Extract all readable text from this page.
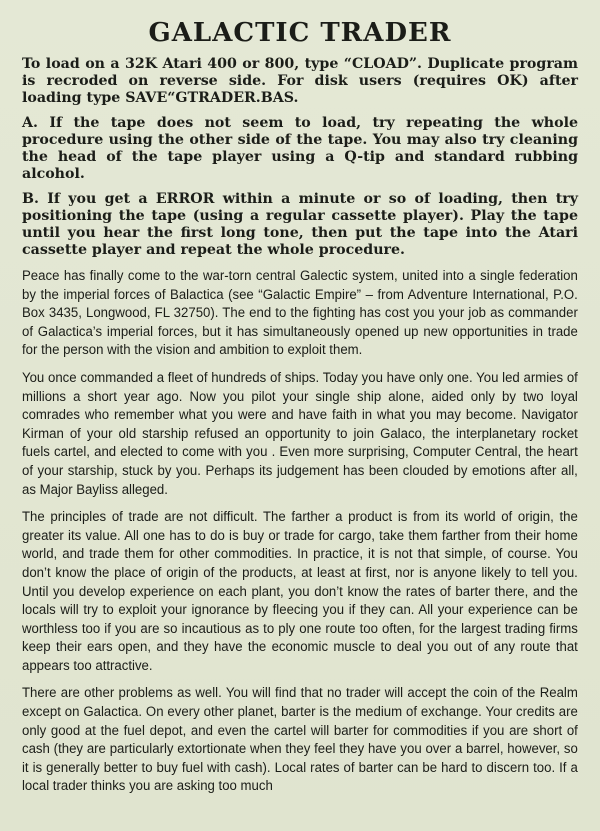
GALACTIC TRADER

To load on a 32K Atari 400 or 800, type “CLOAD”. Duplicate program is recroded on reverse side. For disk users (requires OK) after loading type SAVE“GTRADER.BAS.

A. If the tape does not seem to load, try repeating the whole procedure using the other side of the tape. You may also try cleaning the head of the tape player using a Q-tip and standard rubbing alcohol.

B. If you get a ERROR within a minute or so of loading, then try positioning the tape (using a regular cassette player). Play the tape until you hear the first long tone, then put the tape into the Atari cassette player and repeat the whole procedure.

Peace has finally come to the war-torn central Galectic system, united into a single federation by the imperial forces of Balactica (see “Galactic Empire” – from Adventure International, P.O. Box 3435, Longwood, FL 32750). The end to the fighting has cost you your job as commander of Galactica’s imperial forces, but it has simultaneously opened up new opportunities in trade for the person with the vision and ambition to exploit them.

You once commanded a fleet of hundreds of ships. Today you have only one. You led armies of millions a short year ago. Now you pilot your single ship alone, aided only by two loyal comrades who remember what you were and have faith in what you may become. Navigator Kirman of your old starship refused an opportunity to join Galaco, the interplanetary rocket fuels cartel, and elected to come with you . Even more surprising, Computer Central, the heart of your starship, stuck by you. Perhaps its judgement has been clouded by emotions after all, as Major Bayliss alleged.

The principles of trade are not difficult. The farther a product is from its world of origin, the greater its value. All one has to do is buy or trade for cargo, take them farther from their home world, and trade them for other commodities. In practice, it is not that simple, of course. You don’t know the place of origin of the products, at least at first, nor is anyone likely to tell you. Until you develop experience on each plant, you don’t know the rates of barter there, and the locals will try to exploit your ignorance by fleecing you if they can. All your experience can be worthless too if you are so incautious as to ply one route too often, for the largest trading firms keep their ears open, and they have the economic muscle to deal you out of any route that appears too attractive.

There are other problems as well. You will find that no trader will accept the coin of the Realm except on Galactica. On every other planet, barter is the medium of exchange. Your credits are only good at the fuel depot, and even the cartel will barter for commodities if you are short of cash (they are particularly extortionate when they feel they have you over a barrel, however, so it is generally better to buy fuel with cash). Local rates of barter can be hard to discern too. If a local trader thinks you are asking too much
